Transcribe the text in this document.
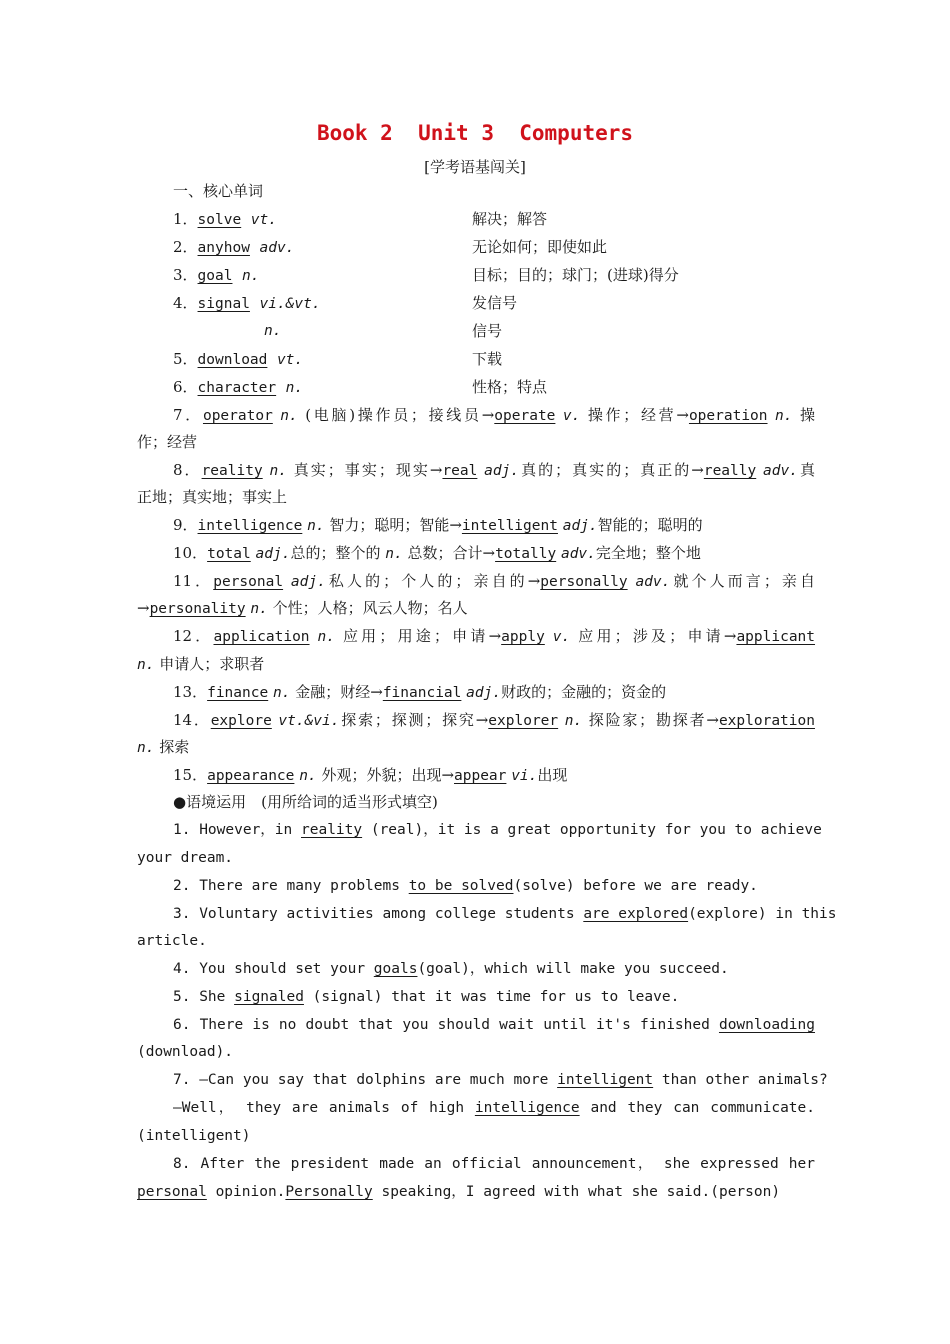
Book 2  Unit 3  Computers
[学考语基闯关]
一、核心单词
1．solve vt.	解决；解答
2．anyhow adv.	无论如何；即使如此
3．goal n.	目标；目的；球门；(进球)得分
4．signal vi.&vt.	发信号
n.	信号
5．download vt.	下载
6．character n.	性格；特点
7．operator n. (电脑)操作员；接线员→operate v. 操作；经营→operation n. 操
作；经营
8．reality n. 真实；事实；现实→real adj.真的；真实的；真正的→really adv.真
正地；真实地；事实上
9．intelligence n. 智力；聪明；智能→intelligent adj.智能的；聪明的
10．total adj.总的；整个的 n. 总数；合计→totally adv.完全地；整个地
11．personal adj.私人的；个人的；亲自的→personally adv.就个人而言；亲自
→personality n. 个性；人格；风云人物；名人
12．application n. 应用；用途；申请→apply v. 应用；涉及；申请→applicant
n. 申请人；求职者
13．finance n. 金融；财经→financial adj.财政的；金融的；资金的
14．explore vt.&vi.探索；探测；探究→explorer n. 探险家；勘探者→exploration
n. 探索
15．appearance n. 外观；外貌；出现→appear vi.出现
●语境运用　(用所给词的适当形式填空)
1. However，in reality (real)，it is a great opportunity for you to achieve
your dream.
2. There are many problems to be solved(solve) before we are ready.
3. Voluntary activities among college students are explored(explore) in this
article.
4. You should set your goals(goal)，which will make you succeed.
5. She signaled (signal) that it was time for us to leave.
6. There is no doubt that you should wait until it's finished downloading
(download).
7. —Can you say that dolphins are much more intelligent than other animals?
—Well， they are animals of high intelligence and they can communicate.
(intelligent)
8. After the president made an official announcement， she expressed her
personal opinion.Personally speaking，I agreed with what she said.(person)
